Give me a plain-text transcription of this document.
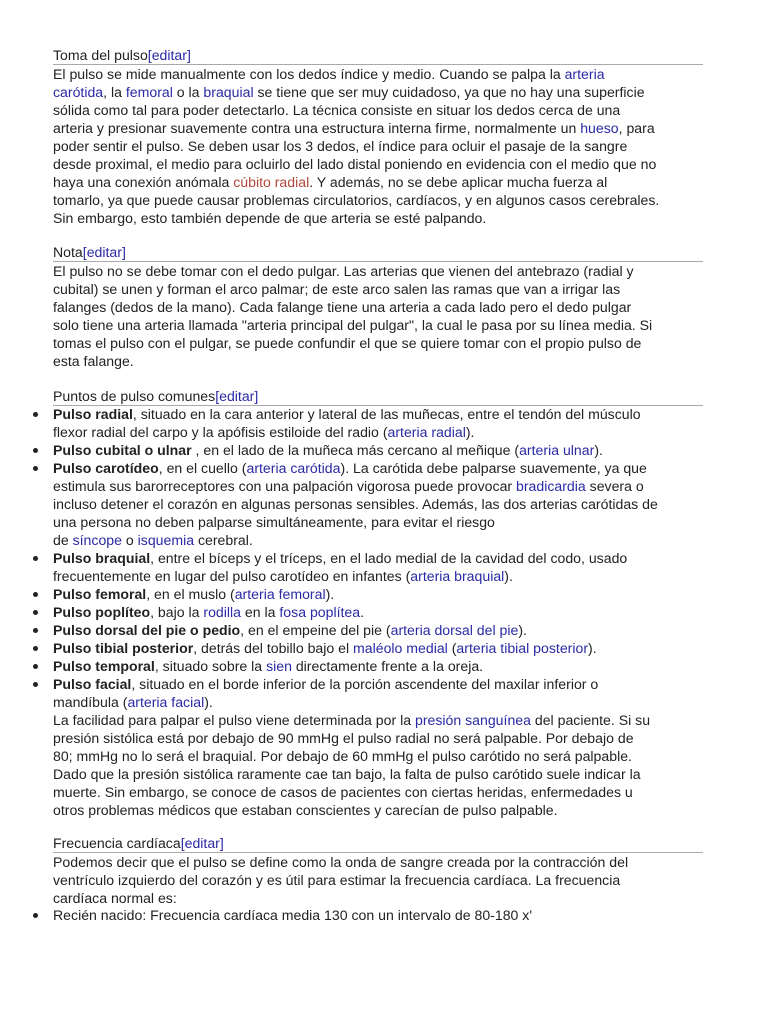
Toma del pulso[editar]
El pulso se mide manualmente con los dedos índice y medio. Cuando se palpa la arteria
carótida, la femoral o la braquial se tiene que ser muy cuidadoso, ya que no hay una superficie
sólida como tal para poder detectarlo. La técnica consiste en situar los dedos cerca de una
arteria y presionar suavemente contra una estructura interna firme, normalmente un hueso, para
poder sentir el pulso. Se deben usar los 3 dedos, el índice para ocluir el pasaje de la sangre
desde proximal, el medio para ocluirlo del lado distal poniendo en evidencia con el medio que no
haya una conexión anómala cúbito radial. Y además, no se debe aplicar mucha fuerza al
tomarlo, ya que puede causar problemas circulatorios, cardíacos, y en algunos casos cerebrales.
Sin embargo, esto también depende de que arteria se esté palpando.
Nota[editar]
El pulso no se debe tomar con el dedo pulgar. Las arterias que vienen del antebrazo (radial y
cubital) se unen y forman el arco palmar; de este arco salen las ramas que van a irrigar las
falanges (dedos de la mano). Cada falange tiene una arteria a cada lado pero el dedo pulgar
solo tiene una arteria llamada "arteria principal del pulgar", la cual le pasa por su línea media. Si
tomas el pulso con el pulgar, se puede confundir el que se quiere tomar con el propio pulso de
esta falange.
Puntos de pulso comunes[editar]
Pulso radial, situado en la cara anterior y lateral de las muñecas, entre el tendón del músculo
flexor radial del carpo y la apófisis estiloide del radio (arteria radial).
Pulso cubital o ulnar , en el lado de la muñeca más cercano al meñique (arteria ulnar).
Pulso carotídeo, en el cuello (arteria carótida). La carótida debe palparse suavemente, ya que
estimula sus barorreceptores con una palpación vigorosa puede provocar bradicardia severa o
incluso detener el corazón en algunas personas sensibles. Además, las dos arterias carótidas de
una persona no deben palparse simultáneamente, para evitar el riesgo
de síncope o isquemia cerebral.
Pulso braquial, entre el bíceps y el tríceps, en el lado medial de la cavidad del codo, usado
frecuentemente en lugar del pulso carotídeo en infantes (arteria braquial).
Pulso femoral, en el muslo (arteria femoral).
Pulso poplíteo, bajo la rodilla en la fosa poplítea.
Pulso dorsal del pie o pedio, en el empeine del pie (arteria dorsal del pie).
Pulso tibial posterior, detrás del tobillo bajo el maléolo medial (arteria tibial posterior).
Pulso temporal, situado sobre la sien directamente frente a la oreja.
Pulso facial, situado en el borde inferior de la porción ascendente del maxilar inferior o
mandíbula (arteria facial).
La facilidad para palpar el pulso viene determinada por la presión sanguínea del paciente. Si su
presión sistólica está por debajo de 90 mmHg el pulso radial no será palpable. Por debajo de
80; mmHg no lo será el braquial. Por debajo de 60 mmHg el pulso carótido no será palpable.
Dado que la presión sistólica raramente cae tan bajo, la falta de pulso carótido suele indicar la
muerte. Sin embargo, se conoce de casos de pacientes con ciertas heridas, enfermedades u
otros problemas médicos que estaban conscientes y carecían de pulso palpable.
Frecuencia cardíaca[editar]
Podemos decir que el pulso se define como la onda de sangre creada por la contracción del
ventrículo izquierdo del corazón y es útil para estimar la frecuencia cardíaca. La frecuencia
cardíaca normal es:
Recién nacido: Frecuencia cardíaca media 130 con un intervalo de 80-180 x'
